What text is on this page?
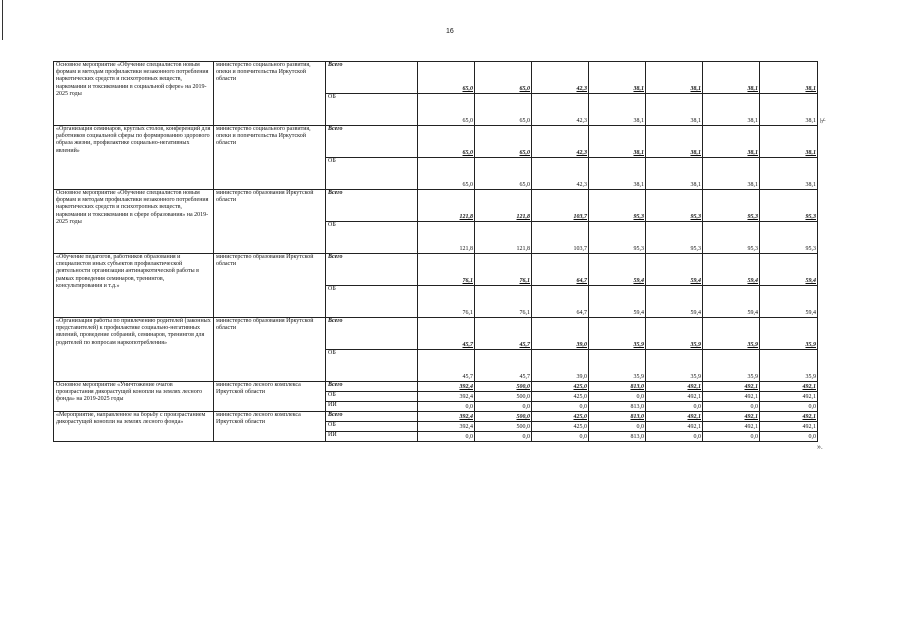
16
Основное мероприятие «Обучение специалистов новым формам и методам профилактики незаконного потребления наркотических средств и психотропных веществ, наркомании и токсикомании в социальной сфере» на 2019-2025 годы	министерство социального развития, опеки и попечительства Иркутской области	Всего	65,0	65,0	42,3	38,1	38,1	38,1	38,1
		ОБ	65,0	65,0	42,3	38,1	38,1	38,1	38,1
«Организация семинаров, круглых столов, конференций для работников социальной сферы по формированию здорового образа жизни, профилактике социально-негативных явлений»	министерство социального развития, опеки и попечительства Иркутской области	Всего	65,0	65,0	42,3	38,1	38,1	38,1	38,1
		ОБ	65,0	65,0	42,3	38,1	38,1	38,1	38,1
Основное мероприятие «Обучение специалистов новым формам и методам профилактики незаконного потребления наркотических средств и психотропных веществ, наркомании и токсикомании в сфере образования» на 2019-2025 годы	министерство образования Иркутской области	Всего	121,8	121,8	103,7	95,3	95,3	95,3	95,3
		ОБ	121,8	121,8	103,7	95,3	95,3	95,3	95,3
«Обучение педагогов, работников образования и специалистов иных субъектов профилактической деятельности организации антинаркотической работы в рамках проведения семинаров, тренингов, консультирования и т.д.»	министерство образования Иркутской области	Всего	76,1	76,1	64,7	59,4	59,4	59,4	59,4
		ОБ	76,1	76,1	64,7	59,4	59,4	59,4	59,4
«Организация работы по привлечению родителей (законных представителей) к профилактике социально-негативных явлений, проведение собраний, семинаров, тренингов для родителей по вопросам наркопотребления»	министерство образования Иркутской области	Всего	45,7	45,7	39,0	35,9	35,9	35,9	35,9
		ОБ	45,7	45,7	39,0	35,9	35,9	35,9	35,9
Основное мероприятие «Уничтожение очагов произрастания дикорастущей конопли на землях лесного фонда» на 2019-2025 годы	министерство лесного комплекса Иркутской области	Всего	392,4	500,0	425,0	813,0	492,1	492,1	492,1
		ОБ	392,4	500,0	425,0	0,0	492,1	492,1	492,1
		ИИ	0,0	0,0	0,0	813,0	0,0	0,0	0,0
«Мероприятие, направленное на борьбу с произрастанием дикорастущей конопли на землях лесного фонда»	министерство лесного комплекса Иркутской области	Всего	392,4	500,0	425,0	813,0	492,1	492,1	492,1
		ОБ	392,4	500,0	425,0	0,0	492,1	492,1	492,1
		ИИ	0,0	0,0	0,0	813,0	0,0	0,0	0,0
⊬
».
